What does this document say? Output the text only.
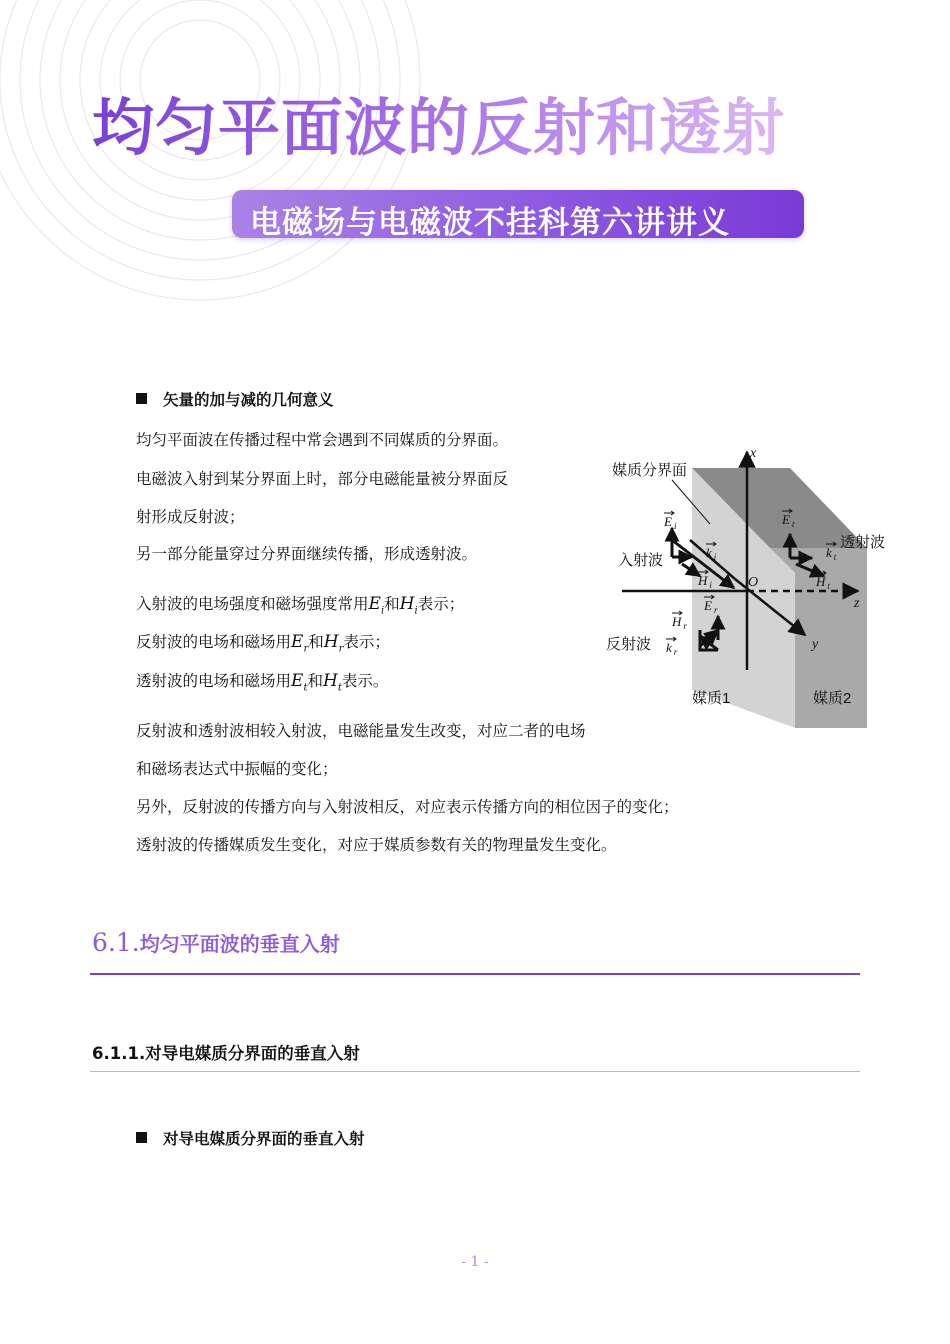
均匀平面波的反射和透射[1]
电磁场与电磁波不挂科第六讲讲义
矢量的加与减的几何意义
均匀平面波在传播过程中常会遇到不同媒质的分界面。
电磁波入射到某分界面上时，部分电磁能量被分界面反
射形成反射波；
另一部分能量穿过分界面继续传播，形成透射波。
入射波的电场强度和磁场强度常用$E_i$和$H_i$表示；
反射波的电场和磁场用$E_r$和$H_r$表示；
透射波的电场和磁场用$E_t$和$H_t$表示。
反射波和透射波相较入射波，电磁能量发生改变，对应二者的电场
和磁场表达式中振幅的变化；
另外，反射波的传播方向与入射波相反，对应表示传播方向的相位因子的变化；
透射波的传播媒质发生变化，对应于媒质参数有关的物理量发生变化。
媒质分界面
入射波
反射波
透射波
媒质1	媒质2
x
z
y
O
E $_i$
k $_i$
H $_i$
E $_r$
H $_r$
k $_r$
E $_t$
k $_t$
H $_t$
6.1.均匀平面波的垂直入射
6.1.1.对导电媒质分界面的垂直入射
对导电媒质分界面的垂直入射
- 1 -
